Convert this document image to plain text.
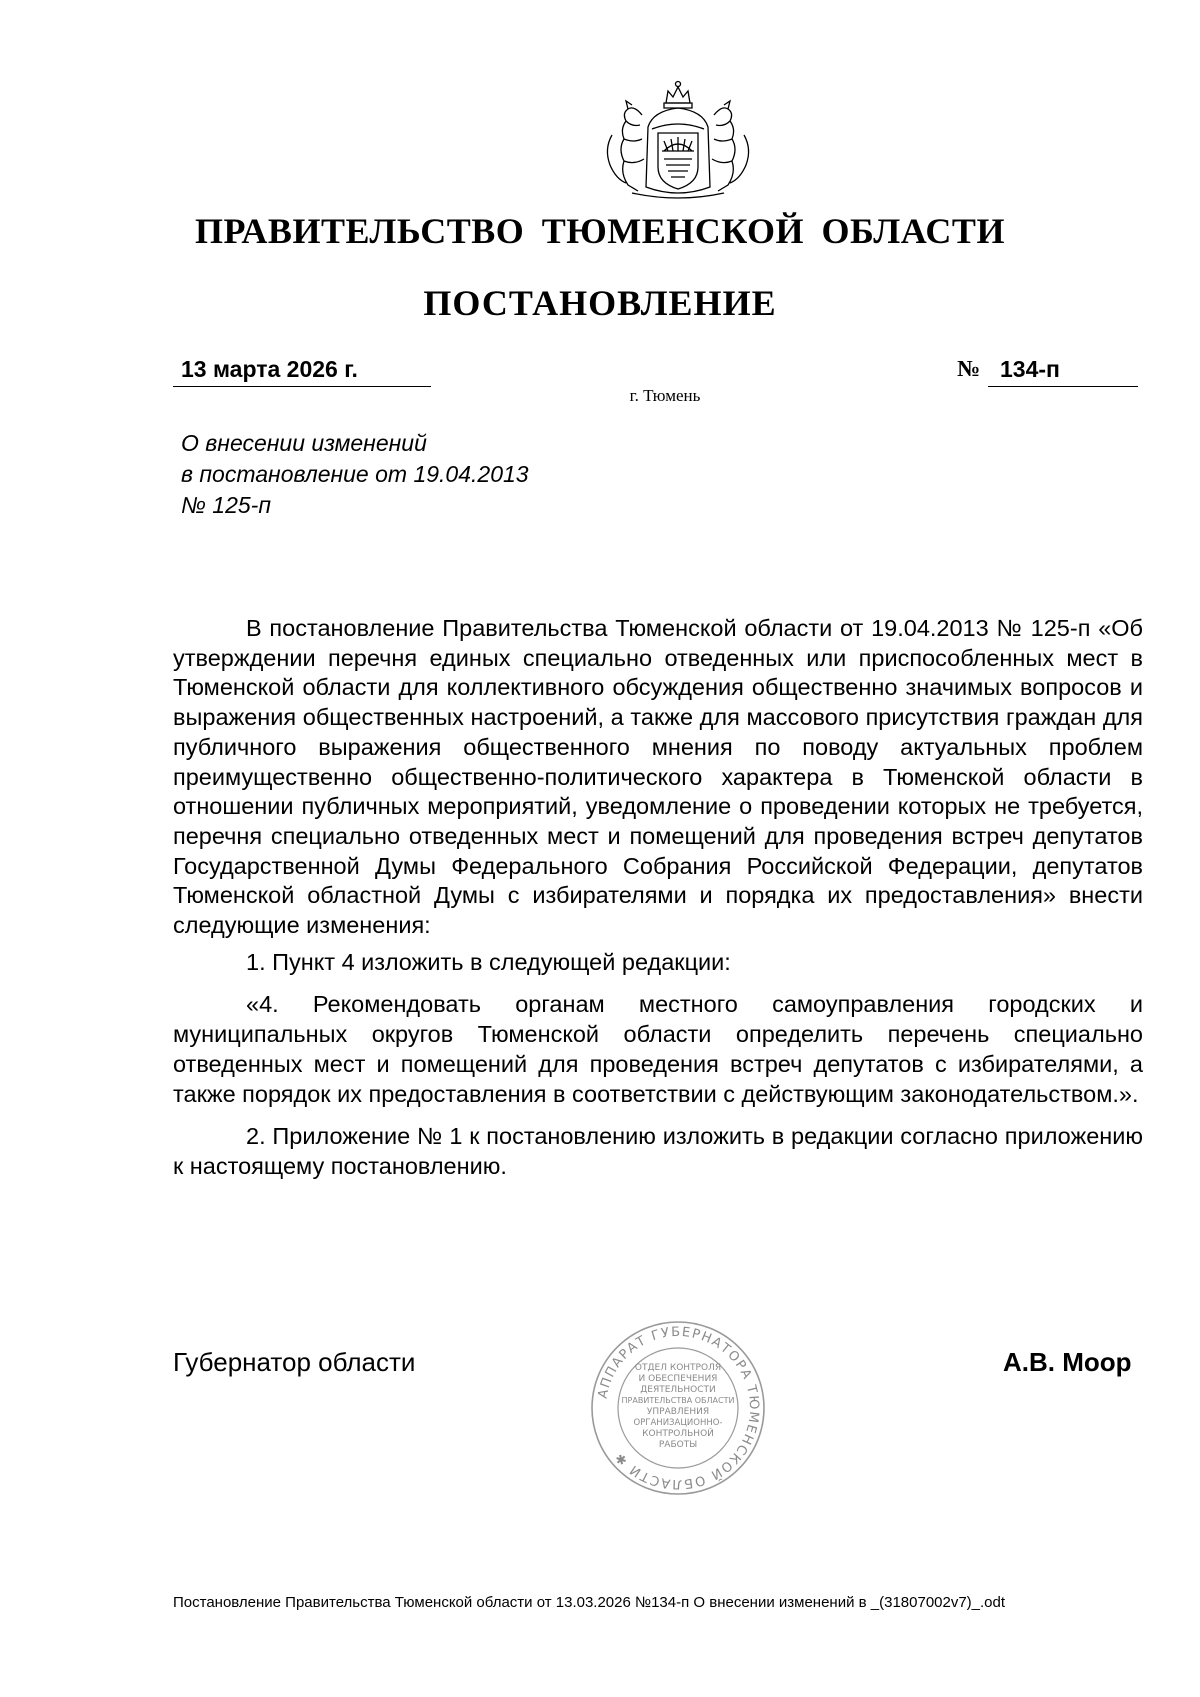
ПРАВИТЕЛЬСТВО ТЮМЕНСКОЙ ОБЛАСТИ
ПОСТАНОВЛЕНИЕ
13 марта 2026 г.	№ 134-п
г. Тюмень
О внесении изменений
в постановление от 19.04.2013
№ 125-п

В постановление Правительства Тюменской области от 19.04.2013 № 125-п «Об утверждении перечня единых специально отведенных или приспособленных мест в Тюменской области для коллективного обсуждения общественно значимых вопросов и выражения общественных настроений, а также для массового присутствия граждан для публичного выражения общественного мнения по поводу актуальных проблем преимущественно общественно-политического характера в Тюменской области в отношении публичных мероприятий, уведомление о проведении которых не требуется, перечня специально отведенных мест и помещений для проведения встреч депутатов Государственной Думы Федерального Собрания Российской Федерации, депутатов Тюменской областной Думы с избирателями и порядка их предоставления» внести следующие изменения:

1. Пункт 4 изложить в следующей редакции:

«4. Рекомендовать органам местного самоуправления городских и муниципальных округов Тюменской области определить перечень специально отведенных мест и помещений для проведения встреч депутатов с избирателями, а также порядок их предоставления в соответствии с действующим законодательством.».

2. Приложение № 1 к постановлению изложить в редакции согласно приложению к настоящему постановлению.

Губернатор области
АППАРАТ ГУБЕРНАТОРА ТЮМЕНСКОЙ ОБЛАСТИ ✱
ОТДЕЛ КОНТРОЛЯ
И ОБЕСПЕЧЕНИЯ
ДЕЯТЕЛЬНОСТИ
ПРАВИТЕЛЬСТВА ОБЛАСТИ
УПРАВЛЕНИЯ
ОРГАНИЗАЦИОННО-
КОНТРОЛЬНОЙ
РАБОТЫ
А.В. Моор
Постановление Правительства Тюменской области от 13.03.2026 №134-п О внесении изменений в _(31807002v7)_.odt
